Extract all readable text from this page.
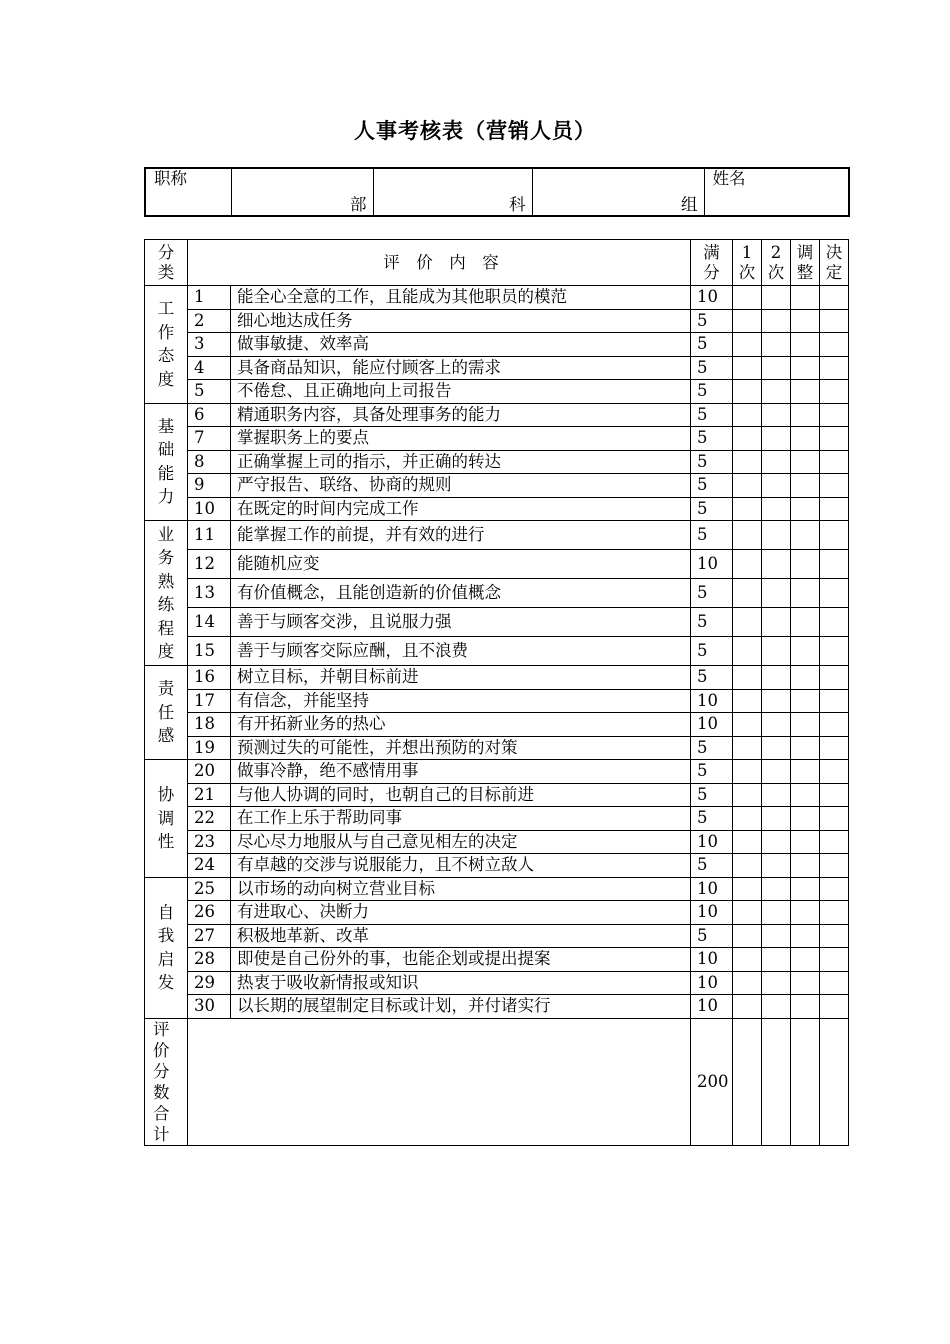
人事考核表（营销人员）
职称	部	科	组	姓名
分类	评　价　内　容		满分	1次	2次	调整	决定
工作态度	1	能全心全意的工作，且能成为其他职员的模范	10				
	2	细心地达成任务	5				
	3	做事敏捷、效率高	5				
	4	具备商品知识，能应付顾客上的需求	5				
	5	不倦怠、且正确地向上司报告	5				
基础能力	6	精通职务内容，具备处理事务的能力	5				
	7	掌握职务上的要点	5				
	8	正确掌握上司的指示，并正确的转达	5				
	9	严守报告、联络、协商的规则	5				
	10	在既定的时间内完成工作	5				
业务熟练程度	11	能掌握工作的前提，并有效的进行	5				
	12	能随机应变	10				
	13	有价值概念，且能创造新的价值概念	5				
	14	善于与顾客交涉，且说服力强	5				
	15	善于与顾客交际应酬，且不浪费	5				
责任感	16	树立目标，并朝目标前进	5				
	17	有信念，并能坚持	10				
	18	有开拓新业务的热心	10				
	19	预测过失的可能性，并想出预防的对策	5				
协调性	20	做事冷静，绝不感情用事	5				
	21	与他人协调的同时，也朝自己的目标前进	5				
	22	在工作上乐于帮助同事	5				
	23	尽心尽力地服从与自己意见相左的决定	10				
	24	有卓越的交涉与说服能力，且不树立敌人	5				
自我启发	25	以市场的动向树立营业目标	10				
	26	有进取心、决断力	10				
	27	积极地革新、改革	5				
	28	即使是自己份外的事，也能企划或提出提案	10				
	29	热衷于吸收新情报或知识	10				
	30	以长期的展望制定目标或计划，并付诸实行	10				
评价分数合计			200				
